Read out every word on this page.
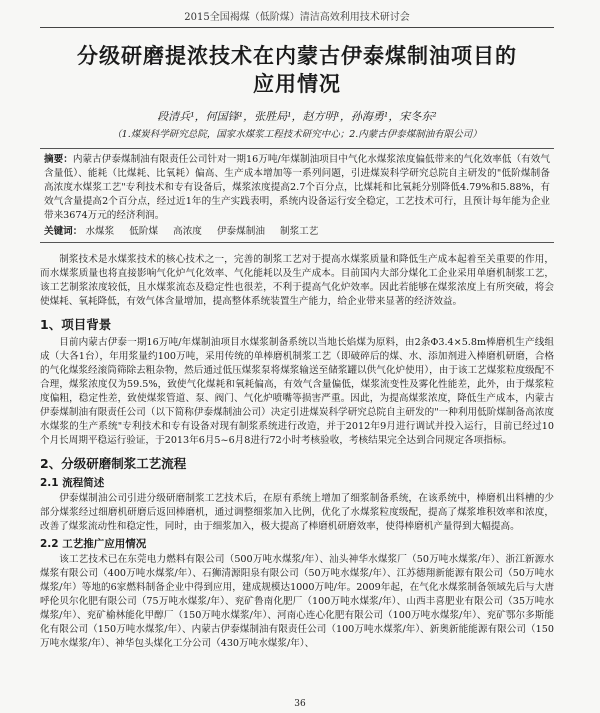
2015全国褐煤（低阶煤）清洁高效利用技术研讨会
分级研磨提浓技术在内蒙古伊泰煤制油项目的
应用情况
段清兵¹，何国锋¹，张胜局¹，赵方明¹，孙海勇¹，宋冬东²
（1.煤炭科学研究总院，国家水煤浆工程技术研究中心；2.内蒙古伊泰煤制油有限公司）

摘要：内蒙古伊泰煤制油有限责任公司针对一期16万吨/年煤制油项目中气化水煤浆浓度偏低带来的气化效率低（有效气含量低）、能耗（比煤耗、比氧耗）偏高、生产成本增加等一系列问题，引进煤炭科学研究总院自主研发的"低阶煤制备高浓度水煤浆工艺"专利技术和专有设备后，煤浆浓度提高2.7个百分点，比煤耗和比氧耗分别降低4.79%和5.88%，有效气含量提高2个百分点，经过近1年的生产实践表明，系统内设备运行安全稳定，工艺技术可行，且预计每年能为企业带来3674万元的经济利润。

关键词： 水煤浆 低阶煤 高浓度 伊泰煤制油 制浆工艺

制浆技术是水煤浆技术的核心技术之一，完善的制浆工艺对于提高水煤浆质量和降低生产成本起着至关重要的作用，而水煤浆质量也将直接影响气化炉气化效率、气化能耗以及生产成本。目前国内大部分煤化工企业采用单磨机制浆工艺，该工艺制浆浓度较低，且水煤浆流态及稳定性也很差，不利于提高气化炉效率。因此若能够在煤浆浓度上有所突破，将会使煤耗、氧耗降低，有效气体含量增加，提高整体系统装置生产能力，给企业带来显著的经济效益。

1、项目背景

目前内蒙古伊泰一期16万吨/年煤制油项目水煤浆制备系统以当地长焰煤为原料，由2条Φ3.4×5.8m棒磨机生产线组成（大各1台），年用浆量约100万吨，采用传统的单棒磨机制浆工艺（即破碎后的煤、水、添加剂进入棒磨机研磨，合格的气化煤浆经滚筒筛除去粗杂物，然后通过低压煤浆泵将煤浆输送至储浆罐以供气化炉使用），由于该工艺煤浆粒度级配不合理，煤浆浓度仅为59.5%，致使气化煤耗和氧耗偏高，有效气含量偏低，煤浆流变性及雾化性能差，此外，由于煤浆粒度偏粗，稳定性差，致使煤浆管道、泵、阀门、气化炉喷嘴等损害严重。因此，为提高煤浆浓度，降低生产成本，内蒙古伊泰煤制油有限责任公司（以下简称伊泰煤制油公司）决定引进煤炭科学研究总院自主研发的"一种利用低阶煤制备高浓度水煤浆的生产系统"专利技术和专有设备对现有制浆系统进行改造，并于2012年9月进行调试并投入运行，目前已经过10个月长周期平稳运行验证，于2013年6月5~6月8进行72小时考核验收，考核结果完全达到合同规定各项指标。

2、分级研磨制浆工艺流程
2.1 流程简述

伊泰煤制油公司引进分级研磨制浆工艺技术后，在原有系统上增加了细浆制备系统，在该系统中，棒磨机出料槽的少部分煤浆经过细磨机研磨后返回棒磨机，通过调整细浆加入比例，优化了水煤浆粒度级配，提高了煤浆堆积效率和浓度，改善了煤浆流动性和稳定性，同时，由于细浆加入，极大提高了棒磨机研磨效率，使得棒磨机产量得到大幅提高。

2.2 工艺推广应用情况

该工艺技术已在东莞电力燃料有限公司（500万吨水煤浆/年）、汕头神华水煤浆厂（50万吨水煤浆/年）、浙江新源水煤浆有限公司（400万吨水煤浆/年）、石狮清源阳泉有限公司（50万吨水煤浆/年）、江苏德翔新能源有限公司（50万吨水煤浆/年）等地的6家燃料制备企业中得到应用，建成规模达1000万吨/年。2009年起，在气化水煤浆制备领域先后与大唐呼伦贝尔化肥有限公司（75万吨水煤浆/年）、兖矿鲁南化肥厂（100万吨水煤浆/年）、山西丰喜肥业有限公司（35万吨水煤浆/年）、兖矿榆林能化甲醇厂（150万吨水煤浆/年）、河南心连心化肥有限公司（100万吨水煤浆/年）、兖矿鄂尔多斯能化有限公司（150万吨水煤浆/年）、内蒙古伊泰煤制油有限责任公司（100万吨水煤浆/年）、新奥新能能源有限公司（150万吨水煤浆/年）、神华包头煤化工分公司（430万吨水煤浆/年）、

36
